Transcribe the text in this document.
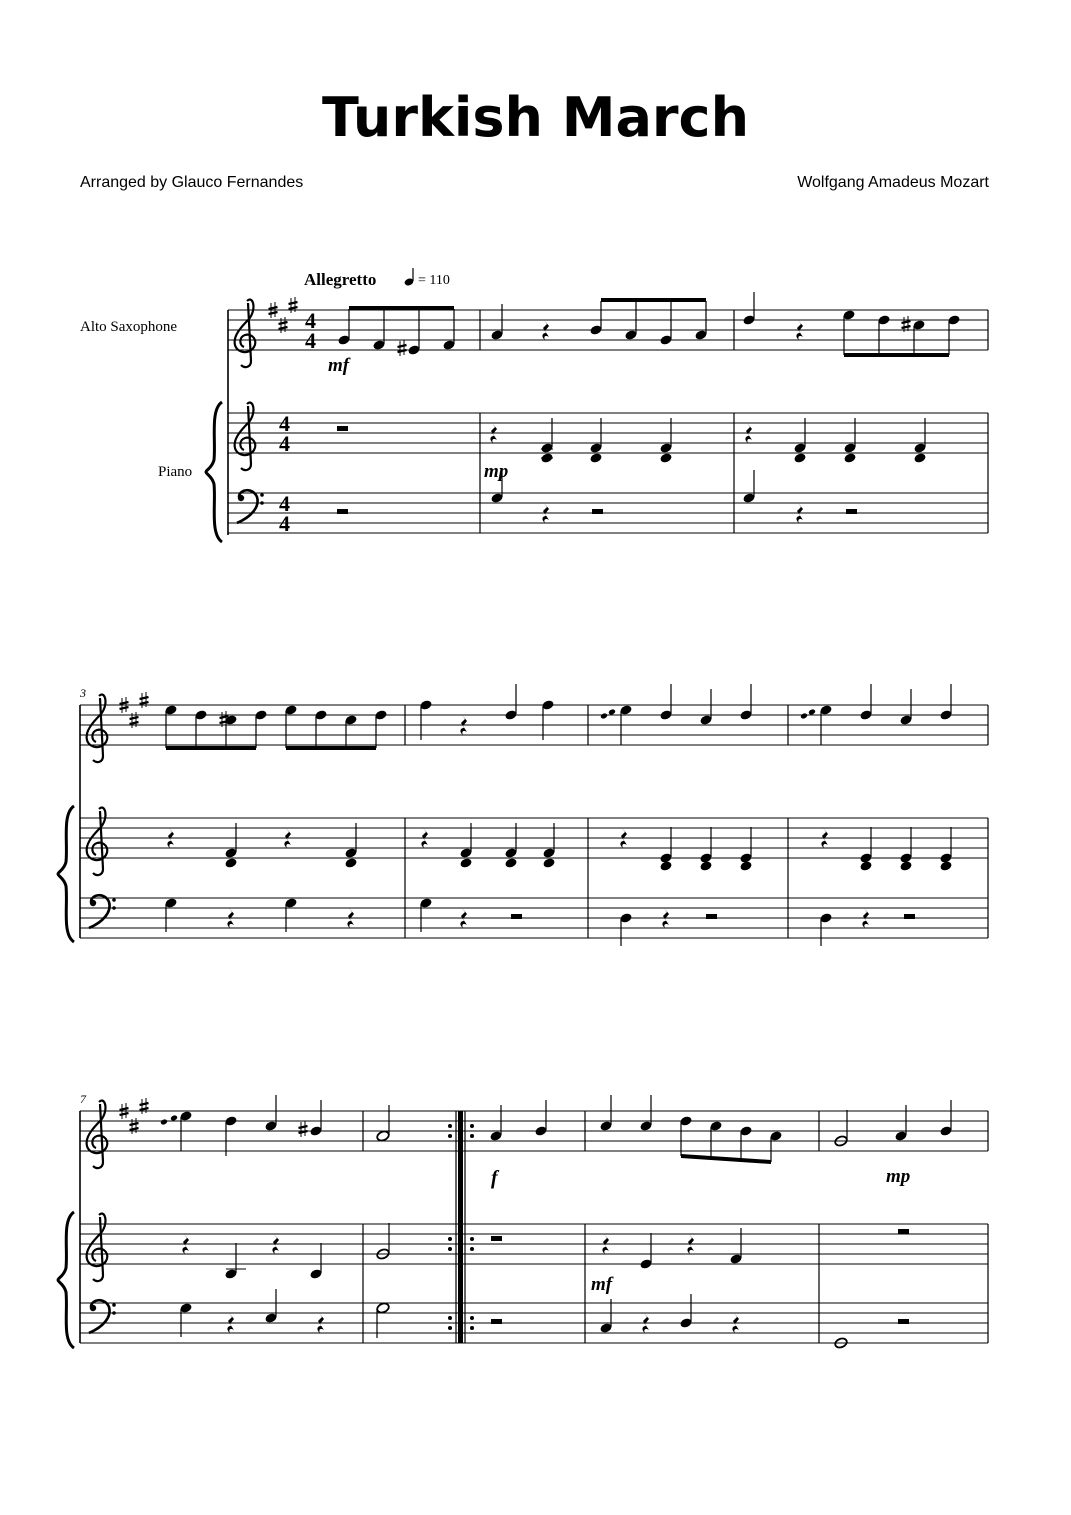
Turkish March
Arranged by Glauco Fernandes	Wolfgang Amadeus Mozart
Allegretto	= 110
Alto Saxophone
Piano
4
4
4
4
4
4
mf
mp
3
7
f	mp
mf
